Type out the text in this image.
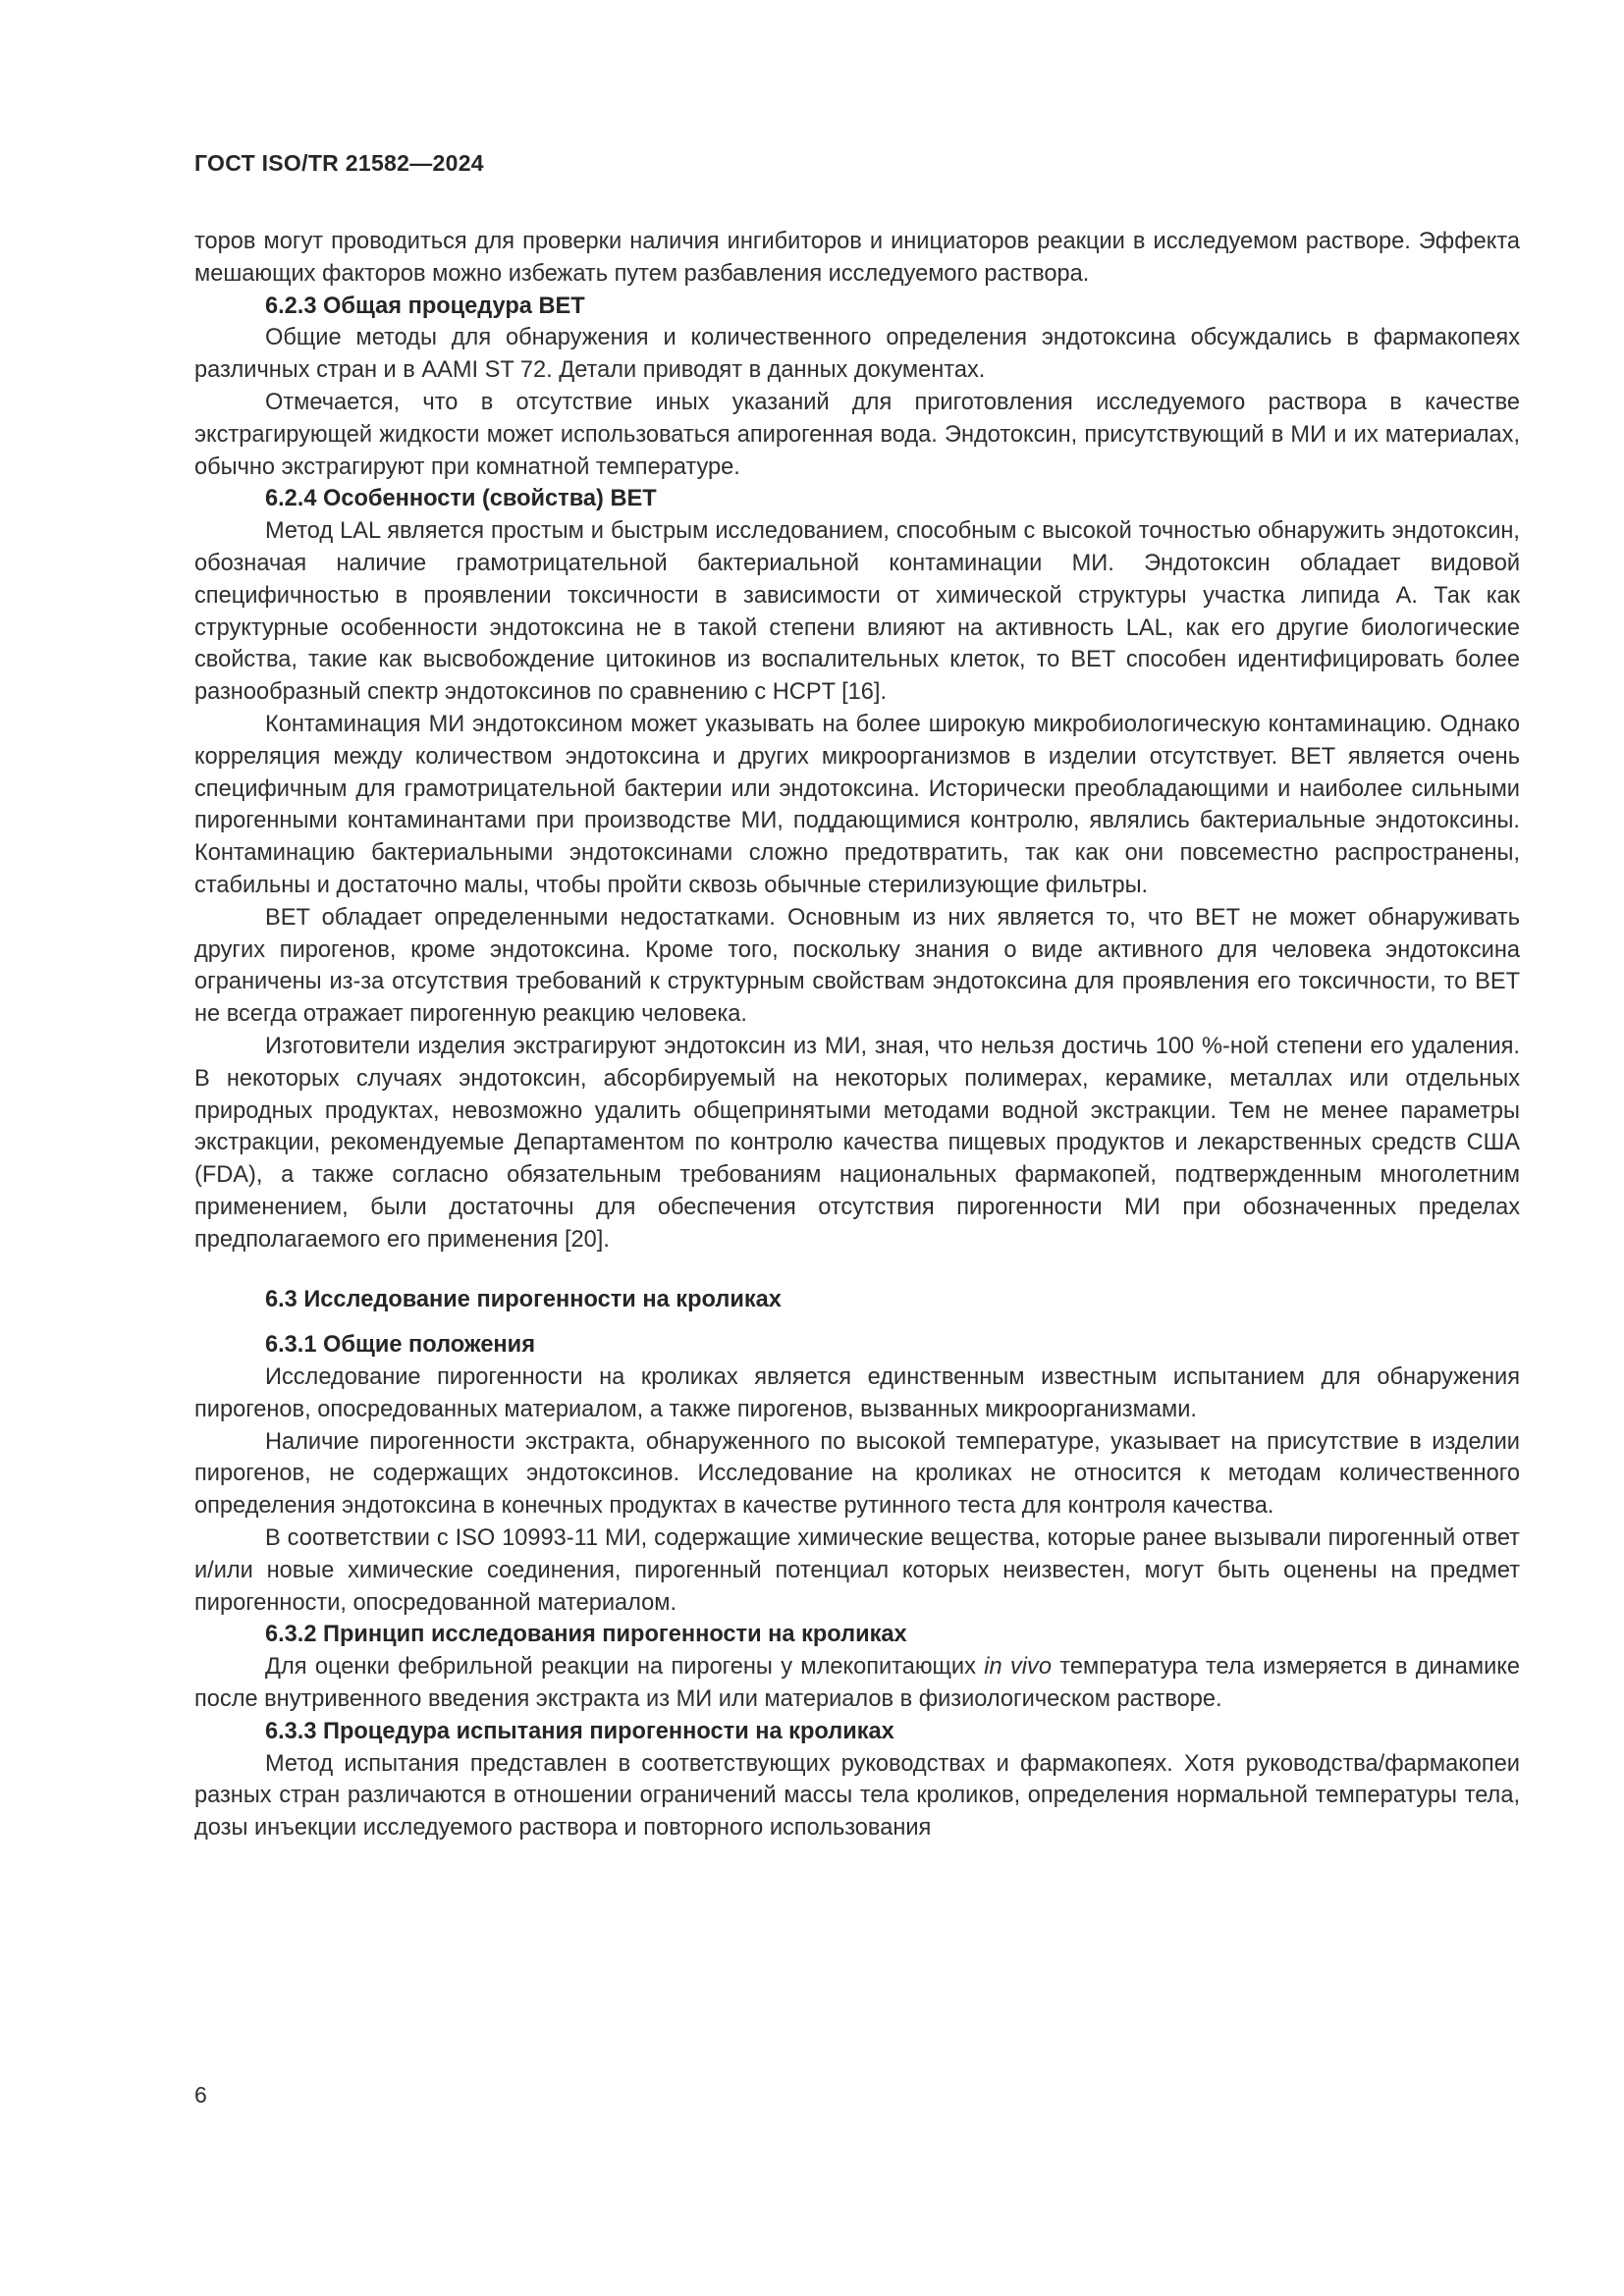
ГОСТ ISO/TR 21582—2024

торов могут проводиться для проверки наличия ингибиторов и инициаторов реакции в исследуемом растворе. Эффекта мешающих факторов можно избежать путем разбавления исследуемого раствора.

6.2.3 Общая процедура BET

Общие методы для обнаружения и количественного определения эндотоксина обсуждались в фармакопеях различных стран и в AAMI ST 72. Детали приводят в данных документах.

Отмечается, что в отсутствие иных указаний для приготовления исследуемого раствора в качестве экстрагирующей жидкости может использоваться апирогенная вода. Эндотоксин, присутствующий в МИ и их материалах, обычно экстрагируют при комнатной температуре.

6.2.4 Особенности (свойства) BET

Метод LAL является простым и быстрым исследованием, способным с высокой точностью обнаружить эндотоксин, обозначая наличие грамотрицательной бактериальной контаминации МИ. Эндотоксин обладает видовой специфичностью в проявлении токсичности в зависимости от химической структуры участка липида А. Так как структурные особенности эндотоксина не в такой степени влияют на активность LAL, как его другие биологические свойства, такие как высвобождение цитокинов из воспалительных клеток, то BET способен идентифицировать более разнообразный спектр эндотоксинов по сравнению с HCPT [16].

Контаминация МИ эндотоксином может указывать на более широкую микробиологическую контаминацию. Однако корреляция между количеством эндотоксина и других микроорганизмов в изделии отсутствует. BET является очень специфичным для грамотрицательной бактерии или эндотоксина. Исторически преобладающими и наиболее сильными пирогенными контаминантами при производстве МИ, поддающимися контролю, являлись бактериальные эндотоксины. Контаминацию бактериальными эндотоксинами сложно предотвратить, так как они повсеместно распространены, стабильны и достаточно малы, чтобы пройти сквозь обычные стерилизующие фильтры.

BET обладает определенными недостатками. Основным из них является то, что BET не может обнаруживать других пирогенов, кроме эндотоксина. Кроме того, поскольку знания о виде активного для человека эндотоксина ограничены из-за отсутствия требований к структурным свойствам эндотоксина для проявления его токсичности, то BET не всегда отражает пирогенную реакцию человека.

Изготовители изделия экстрагируют эндотоксин из МИ, зная, что нельзя достичь 100 %-ной степени его удаления. В некоторых случаях эндотоксин, абсорбируемый на некоторых полимерах, керамике, металлах или отдельных природных продуктах, невозможно удалить общепринятыми методами водной экстракции. Тем не менее параметры экстракции, рекомендуемые Департаментом по контролю качества пищевых продуктов и лекарственных средств США (FDA), а также согласно обязательным требованиям национальных фармакопей, подтвержденным многолетним применением, были достаточны для обеспечения отсутствия пирогенности МИ при обозначенных пределах предполагаемого его применения [20].

6.3 Исследование пирогенности на кроликах
6.3.1 Общие положения

Исследование пирогенности на кроликах является единственным известным испытанием для обнаружения пирогенов, опосредованных материалом, а также пирогенов, вызванных микроорганизмами.

Наличие пирогенности экстракта, обнаруженного по высокой температуре, указывает на присутствие в изделии пирогенов, не содержащих эндотоксинов. Исследование на кроликах не относится к методам количественного определения эндотоксина в конечных продуктах в качестве рутинного теста для контроля качества.

В соответствии с ISO 10993-11 МИ, содержащие химические вещества, которые ранее вызывали пирогенный ответ и/или новые химические соединения, пирогенный потенциал которых неизвестен, могут быть оценены на предмет пирогенности, опосредованной материалом.

6.3.2 Принцип исследования пирогенности на кроликах

Для оценки фебрильной реакции на пирогены у млекопитающих in vivo температура тела измеряется в динамике после внутривенного введения экстракта из МИ или материалов в физиологическом растворе.

6.3.3 Процедура испытания пирогенности на кроликах

Метод испытания представлен в соответствующих руководствах и фармакопеях. Хотя руководства/фармакопеи разных стран различаются в отношении ограничений массы тела кроликов, определения нормальной температуры тела, дозы инъекции исследуемого раствора и повторного использования

6
